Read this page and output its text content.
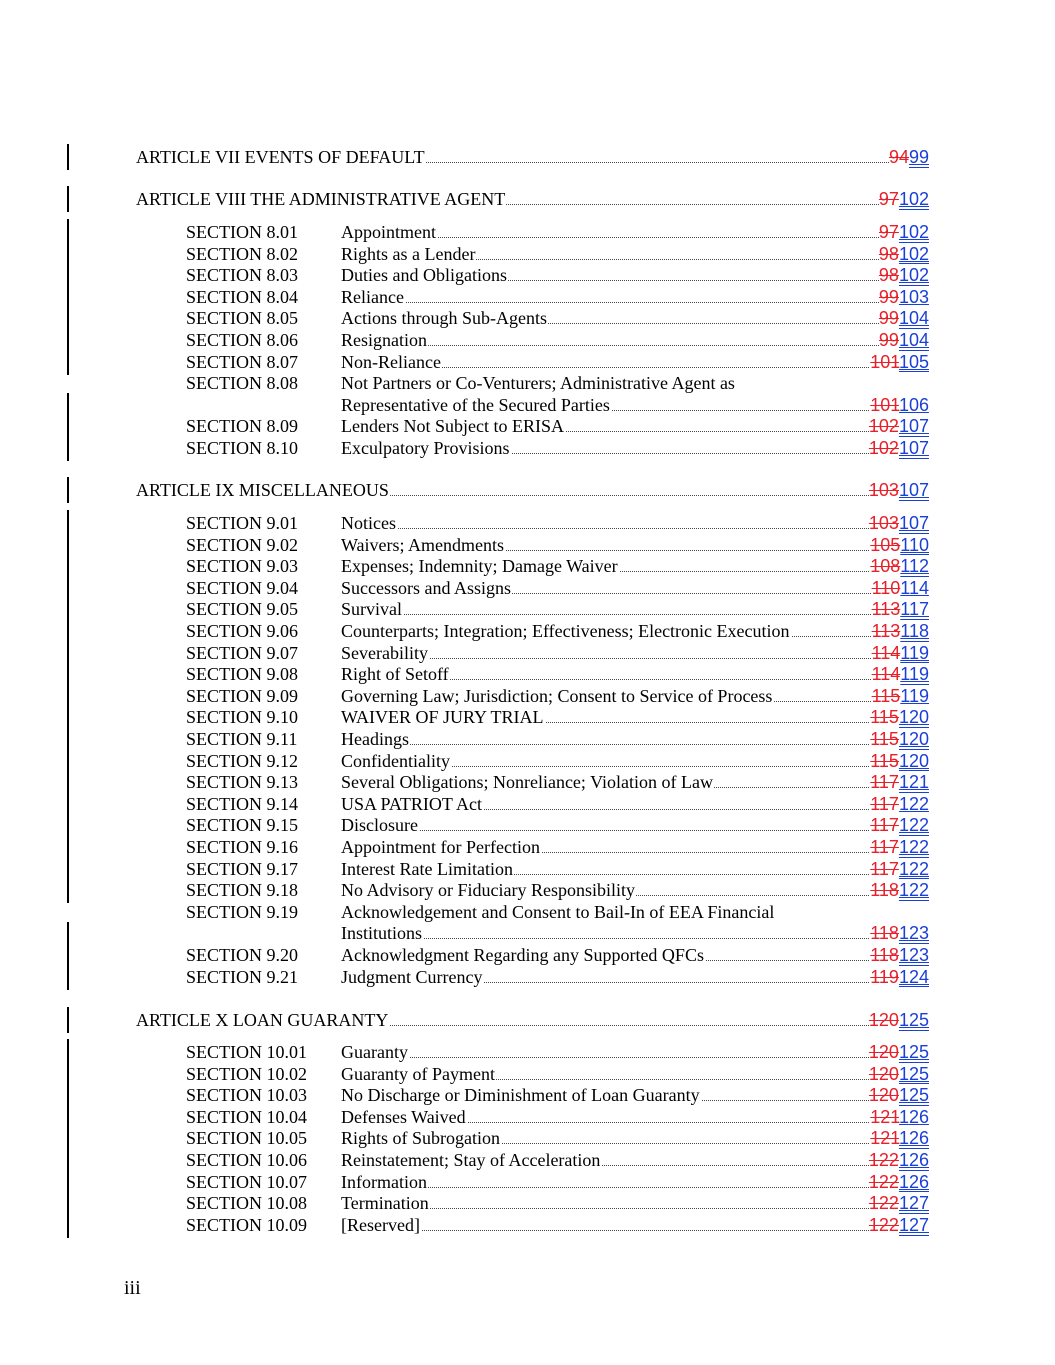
ARTICLE VII EVENTS OF DEFAULT	9499
ARTICLE VIII THE ADMINISTRATIVE AGENT	97102
SECTION 8.01 Appointment	97102
SECTION 8.02 Rights as a Lender	98102
SECTION 8.03 Duties and Obligations	98102
SECTION 8.04 Reliance	99103
SECTION 8.05 Actions through Sub-Agents	99104
SECTION 8.06 Resignation	99104
SECTION 8.07 Non-Reliance	101105
SECTION 8.08 Not Partners or Co-Venturers; Administrative Agent as
Representative of the Secured Parties	101106
SECTION 8.09 Lenders Not Subject to ERISA	102107
SECTION 8.10 Exculpatory Provisions	102107
ARTICLE IX MISCELLANEOUS	103107
SECTION 9.01 Notices	103107
SECTION 9.02 Waivers; Amendments	105110
SECTION 9.03 Expenses; Indemnity; Damage Waiver	108112
SECTION 9.04 Successors and Assigns	110114
SECTION 9.05 Survival	113117
SECTION 9.06 Counterparts; Integration; Effectiveness; Electronic Execution	113118
SECTION 9.07 Severability	114119
SECTION 9.08 Right of Setoff	114119
SECTION 9.09 Governing Law; Jurisdiction; Consent to Service of Process	115119
SECTION 9.10 WAIVER OF JURY TRIAL	115120
SECTION 9.11 Headings	115120
SECTION 9.12 Confidentiality	115120
SECTION 9.13 Several Obligations; Nonreliance; Violation of Law	117121
SECTION 9.14 USA PATRIOT Act	117122
SECTION 9.15 Disclosure	117122
SECTION 9.16 Appointment for Perfection	117122
SECTION 9.17 Interest Rate Limitation	117122
SECTION 9.18 No Advisory or Fiduciary Responsibility	118122
SECTION 9.19 Acknowledgement and Consent to Bail-In of EEA Financial
Institutions	118123
SECTION 9.20 Acknowledgment Regarding any Supported QFCs	118123
SECTION 9.21 Judgment Currency	119124
ARTICLE X LOAN GUARANTY	120125
SECTION 10.01 Guaranty	120125
SECTION 10.02 Guaranty of Payment	120125
SECTION 10.03 No Discharge or Diminishment of Loan Guaranty	120125
SECTION 10.04 Defenses Waived	121126
SECTION 10.05 Rights of Subrogation	121126
SECTION 10.06 Reinstatement; Stay of Acceleration	122126
SECTION 10.07 Information	122126
SECTION 10.08 Termination	122127
SECTION 10.09 [Reserved]	122127
iii
